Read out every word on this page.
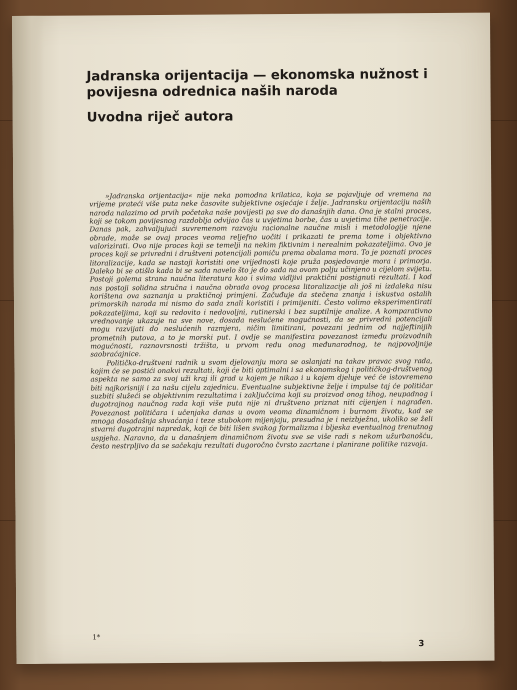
Jadranska orijentacija — ekonomska nužnost i povijesna odrednica naših naroda
Uvodna riječ autora

»Jadranska orijentacija« nije neka pomodna krilatica, koja se pojavljuje od vremena na vrijeme prateći više puta neke časovite subjektivne osjećaje i želje. Jadransku orijentaciju naših naroda nalazimo od prvih početaka naše povijesti pa sve do današnjih dana. Ona je stalni proces, koji se tokom povijesnog razdoblja odvijao čas u uvjetima borbe, čas u uvjetima tihe penetracije. Danas pak, zahvaljujući suvremenom razvoju racionalne naučne misli i metodologije njene obrade, može se ovaj proces veoma reljefno uočiti i prikazati te prema tome i objektivno valorizirati. Ovo nije proces koji se temelji na nekim fiktivnim i nerealnim pokazateljima. Ovo je proces koji se privredni i društveni potencijali pomiču prema obalama mora. To je poznati proces litoralizacije, kada se nastoji koristiti one vrijednosti koje pruža posjedovanje mora i primorja. Daleko bi se otišlo kada bi se sada navelo što je do sada na ovom polju učinjeno u cijelom svijetu. Postoji golema strana naučna literatura kao i svima vidljivi praktični postignuti rezultati. I kod nas postoji solidna stručna i naučna obrada ovog procesa litoralizacije ali još ni izdaleka nisu korištena ova saznanja u praktičnoj primjeni. Začuđuje da stečena znanja i iskustva ostalih primorskih naroda mi nismo do sada znali koristiti i primijeniti. Često volimo eksperimentirati pokazateljima, koji su redovito i nedovoljni, rutinerski i bez suptilnije analize. A komparativno vrednovanje ukazuje na sve nove, dosada neslućene mogućnosti, da se privredni potencijali mogu razvijati do neslućenih razmjera, ničim limitirani, povezani jednim od najjeftinijih prometnih putova, a to je morski put. I ovdje se manifestira povezanost između proizvodnih mogućnosti, raznovrsnosti tržišta, u prvom redu onog međunarodnog, te najpovoljnije saobraćajnice.

Političko-društveni radnik u svom djelovanju mora se oslanjati na takav pravac svog rada, kojim će se postići onakvi rezultati, koji će biti optimalni i sa ekonomskog i političkog-društvenog aspekta ne samo za svoj uži kraj ili grad u kojem je nikao i u kojem djeluje već će istovremeno biti najkorisniji i za našu cijelu zajednicu. Eventualne subjektivne želje i impulse taj će političar suzbiti služeći se objektivnim rezultatima i zaključcima koji su proizvod onog tihog, neupadnog i dugotrajnog naučnog rada koji više puta nije ni društveno priznat niti cijenjen i nagrađen. Povezanost političara i učenjaka danas u ovom veoma dinamičnom i burnom životu, kad se mnoga dosadašnja shvaćanja i teze stubokom mijenjaju, presudna je i neizbježna, ukoliko se želi stvarni dugotrajni napredak, koji će biti lišen svakog formalizma i bljeska eventualnog trenutnog uspjeha. Naravno, da u današnjem dinamičnom životu sve se više radi s nekom užurbanošću, često nestrpljivo da se sačekaju rezultati dugoročno čvrsto zacrtane i planirane politike razvoja.

1*
3
